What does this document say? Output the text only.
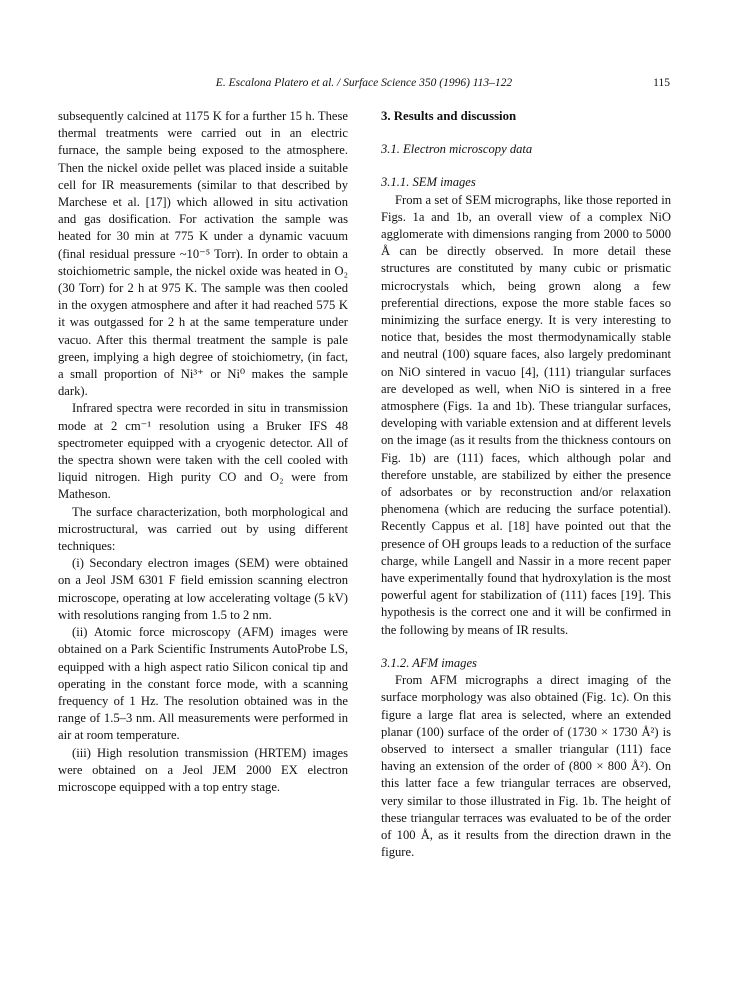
E. Escalona Platero et al. / Surface Science 350 (1996) 113–122	115

subsequently calcined at 1175 K for a further 15 h. These thermal treatments were carried out in an electric furnace, the sample being exposed to the atmosphere. Then the nickel oxide pellet was placed inside a suitable cell for IR measurements (similar to that described by Marchese et al. [17]) which allowed in situ activation and gas dosification. For activation the sample was heated for 30 min at 775 K under a dynamic vacuum (final residual pressure ~10⁻⁵ Torr). In order to obtain a stoichiometric sample, the nickel oxide was heated in O₂ (30 Torr) for 2 h at 975 K. The sample was then cooled in the oxygen atmosphere and after it had reached 575 K it was outgassed for 2 h at the same temperature under vacuo. After this thermal treatment the sample is pale green, implying a high degree of stoichiometry, (in fact, a small proportion of Ni³⁺ or Ni⁰ makes the sample dark).

Infrared spectra were recorded in situ in transmission mode at 2 cm⁻¹ resolution using a Bruker IFS 48 spectrometer equipped with a cryogenic detector. All of the spectra shown were taken with the cell cooled with liquid nitrogen. High purity CO and O₂ were from Matheson.

The surface characterization, both morphological and microstructural, was carried out by using different techniques:

(i) Secondary electron images (SEM) were obtained on a Jeol JSM 6301 F field emission scanning electron microscope, operating at low accelerating voltage (5 kV) with resolutions ranging from 1.5 to 2 nm.

(ii) Atomic force microscopy (AFM) images were obtained on a Park Scientific Instruments AutoProbe LS, equipped with a high aspect ratio Silicon conical tip and operating in the constant force mode, with a scanning frequency of 1 Hz. The resolution obtained was in the range of 1.5–3 nm. All measurements were performed in air at room temperature.

(iii) High resolution transmission (HRTEM) images were obtained on a Jeol JEM 2000 EX electron microscope equipped with a top entry stage.

3. Results and discussion

3.1. Electron microscopy data

3.1.1. SEM images

From a set of SEM micrographs, like those reported in Figs. 1a and 1b, an overall view of a complex NiO agglomerate with dimensions ranging from 2000 to 5000 Å can be directly observed. In more detail these structures are constituted by many cubic or prismatic microcrystals which, being grown along a few preferential directions, expose the more stable faces so minimizing the surface energy. It is very interesting to notice that, besides the most thermodynamically stable and neutral (100) square faces, also largely predominant on NiO sintered in vacuo [4], (111) triangular surfaces are developed as well, when NiO is sintered in a free atmosphere (Figs. 1a and 1b). These triangular surfaces, developing with variable extension and at different levels on the image (as it results from the thickness contours on Fig. 1b) are (111) faces, which although polar and therefore unstable, are stabilized by either the presence of adsorbates or by reconstruction and/or relaxation phenomena (which are reducing the surface potential). Recently Cappus et al. [18] have pointed out that the presence of OH groups leads to a reduction of the surface charge, while Langell and Nassir in a more recent paper have experimentally found that hydroxylation is the most powerful agent for stabilization of (111) faces [19]. This hypothesis is the correct one and it will be confirmed in the following by means of IR results.

3.1.2. AFM images

From AFM micrographs a direct imaging of the surface morphology was also obtained (Fig. 1c). On this figure a large flat area is selected, where an extended planar (100) surface of the order of (1730 × 1730 Å²) is observed to intersect a smaller triangular (111) face having an extension of the order of (800 × 800 Å²). On this latter face a few triangular terraces are observed, very similar to those illustrated in Fig. 1b. The height of these triangular terraces was evaluated to be of the order of 100 Å, as it results from the direction drawn in the figure.
